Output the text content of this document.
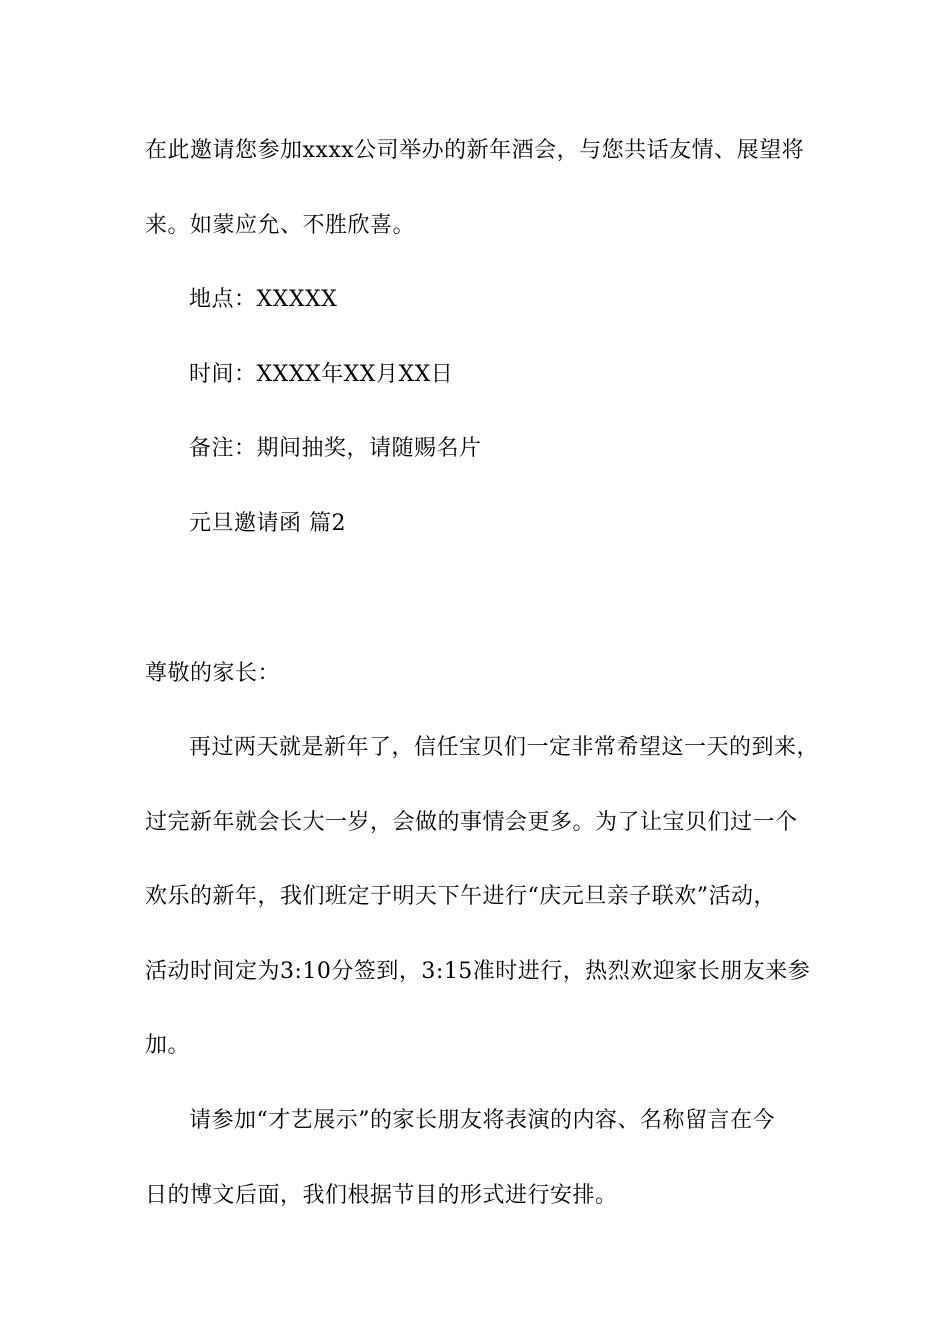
在此邀请您参加xxxx公司举办的新年酒会，与您共话友情、展望将
来。如蒙应允、不胜欣喜。
地点：XXXXX
时间：XXXX年XX月XX日
备注：期间抽奖，请随赐名片
元旦邀请函 篇2
尊敬的家长：
再过两天就是新年了，信任宝贝们一定非常希望这一天的到来，
过完新年就会长大一岁，会做的事情会更多。为了让宝贝们过一个
欢乐的新年，我们班定于明天下午进行“庆元旦亲子联欢”活动，
活动时间定为3:10分签到，3:15准时进行，热烈欢迎家长朋友来参
加。
请参加“才艺展示”的家长朋友将表演的内容、名称留言在今
日的博文后面，我们根据节目的形式进行安排。
